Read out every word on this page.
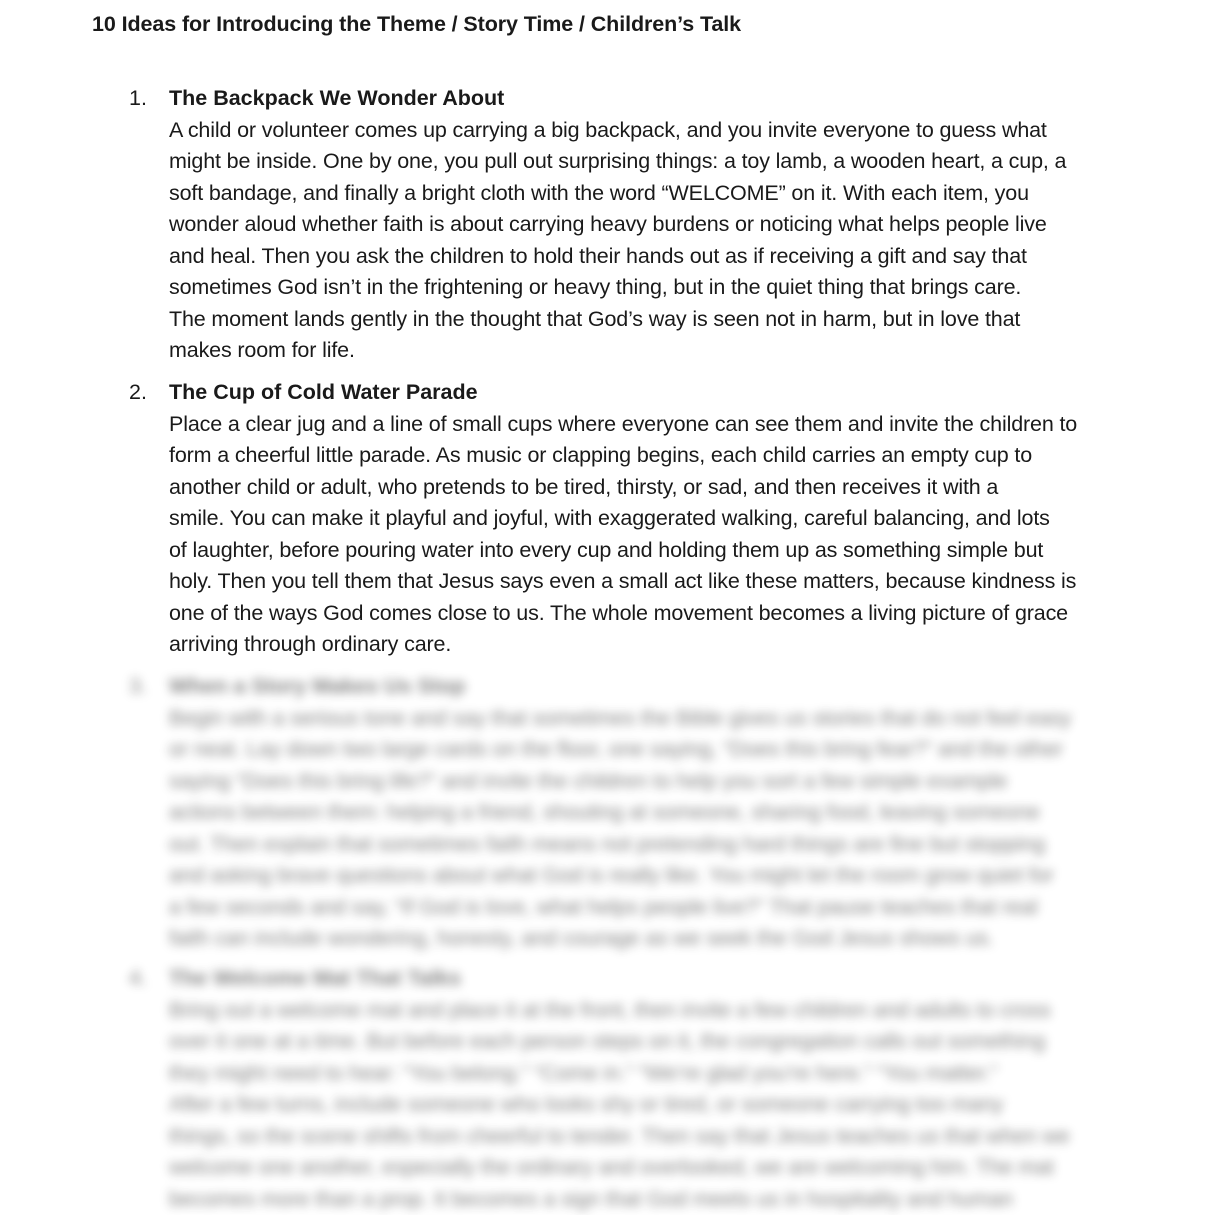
10 Ideas for Introducing the Theme / Story Time / Children’s Talk
1. The Backpack We Wonder About
A child or volunteer comes up carrying a big backpack, and you invite everyone to guess what
might be inside. One by one, you pull out surprising things: a toy lamb, a wooden heart, a cup, a
soft bandage, and finally a bright cloth with the word “WELCOME” on it. With each item, you
wonder aloud whether faith is about carrying heavy burdens or noticing what helps people live
and heal. Then you ask the children to hold their hands out as if receiving a gift and say that
sometimes God isn’t in the frightening or heavy thing, but in the quiet thing that brings care.
The moment lands gently in the thought that God’s way is seen not in harm, but in love that
makes room for life.
2. The Cup of Cold Water Parade
Place a clear jug and a line of small cups where everyone can see them and invite the children to
form a cheerful little parade. As music or clapping begins, each child carries an empty cup to
another child or adult, who pretends to be tired, thirsty, or sad, and then receives it with a
smile. You can make it playful and joyful, with exaggerated walking, careful balancing, and lots
of laughter, before pouring water into every cup and holding them up as something simple but
holy. Then you tell them that Jesus says even a small act like these matters, because kindness is
one of the ways God comes close to us. The whole movement becomes a living picture of grace
arriving through ordinary care.
3. When a Story Makes Us Stop
Begin with a serious tone and say that sometimes the Bible gives us stories that do not feel easy
or neat. Lay down two large cards on the floor, one saying, “Does this bring fear?” and the other
saying “Does this bring life?” and invite the children to help you sort a few simple example
actions between them: helping a friend, shouting at someone, sharing food, leaving someone
out. Then explain that sometimes faith means not pretending hard things are fine but stopping
and asking brave questions about what God is really like. You might let the room grow quiet for
a few seconds and say, “If God is love, what helps people live?” That pause teaches that real
faith can include wondering, honesty, and courage as we seek the God Jesus shows us.
4. The Welcome Mat That Talks
Bring out a welcome mat and place it at the front, then invite a few children and adults to cross
over it one at a time. But before each person steps on it, the congregation calls out something
they might need to hear: “You belong.” “Come in.” “We’re glad you’re here.” “You matter.”
After a few turns, include someone who looks shy or tired, or someone carrying too many
things, so the scene shifts from cheerful to tender. Then say that Jesus teaches us that when we
welcome one another, especially the ordinary and overlooked, we are welcoming him. The mat
becomes more than a prop. It becomes a sign that God meets us in hospitality and human
